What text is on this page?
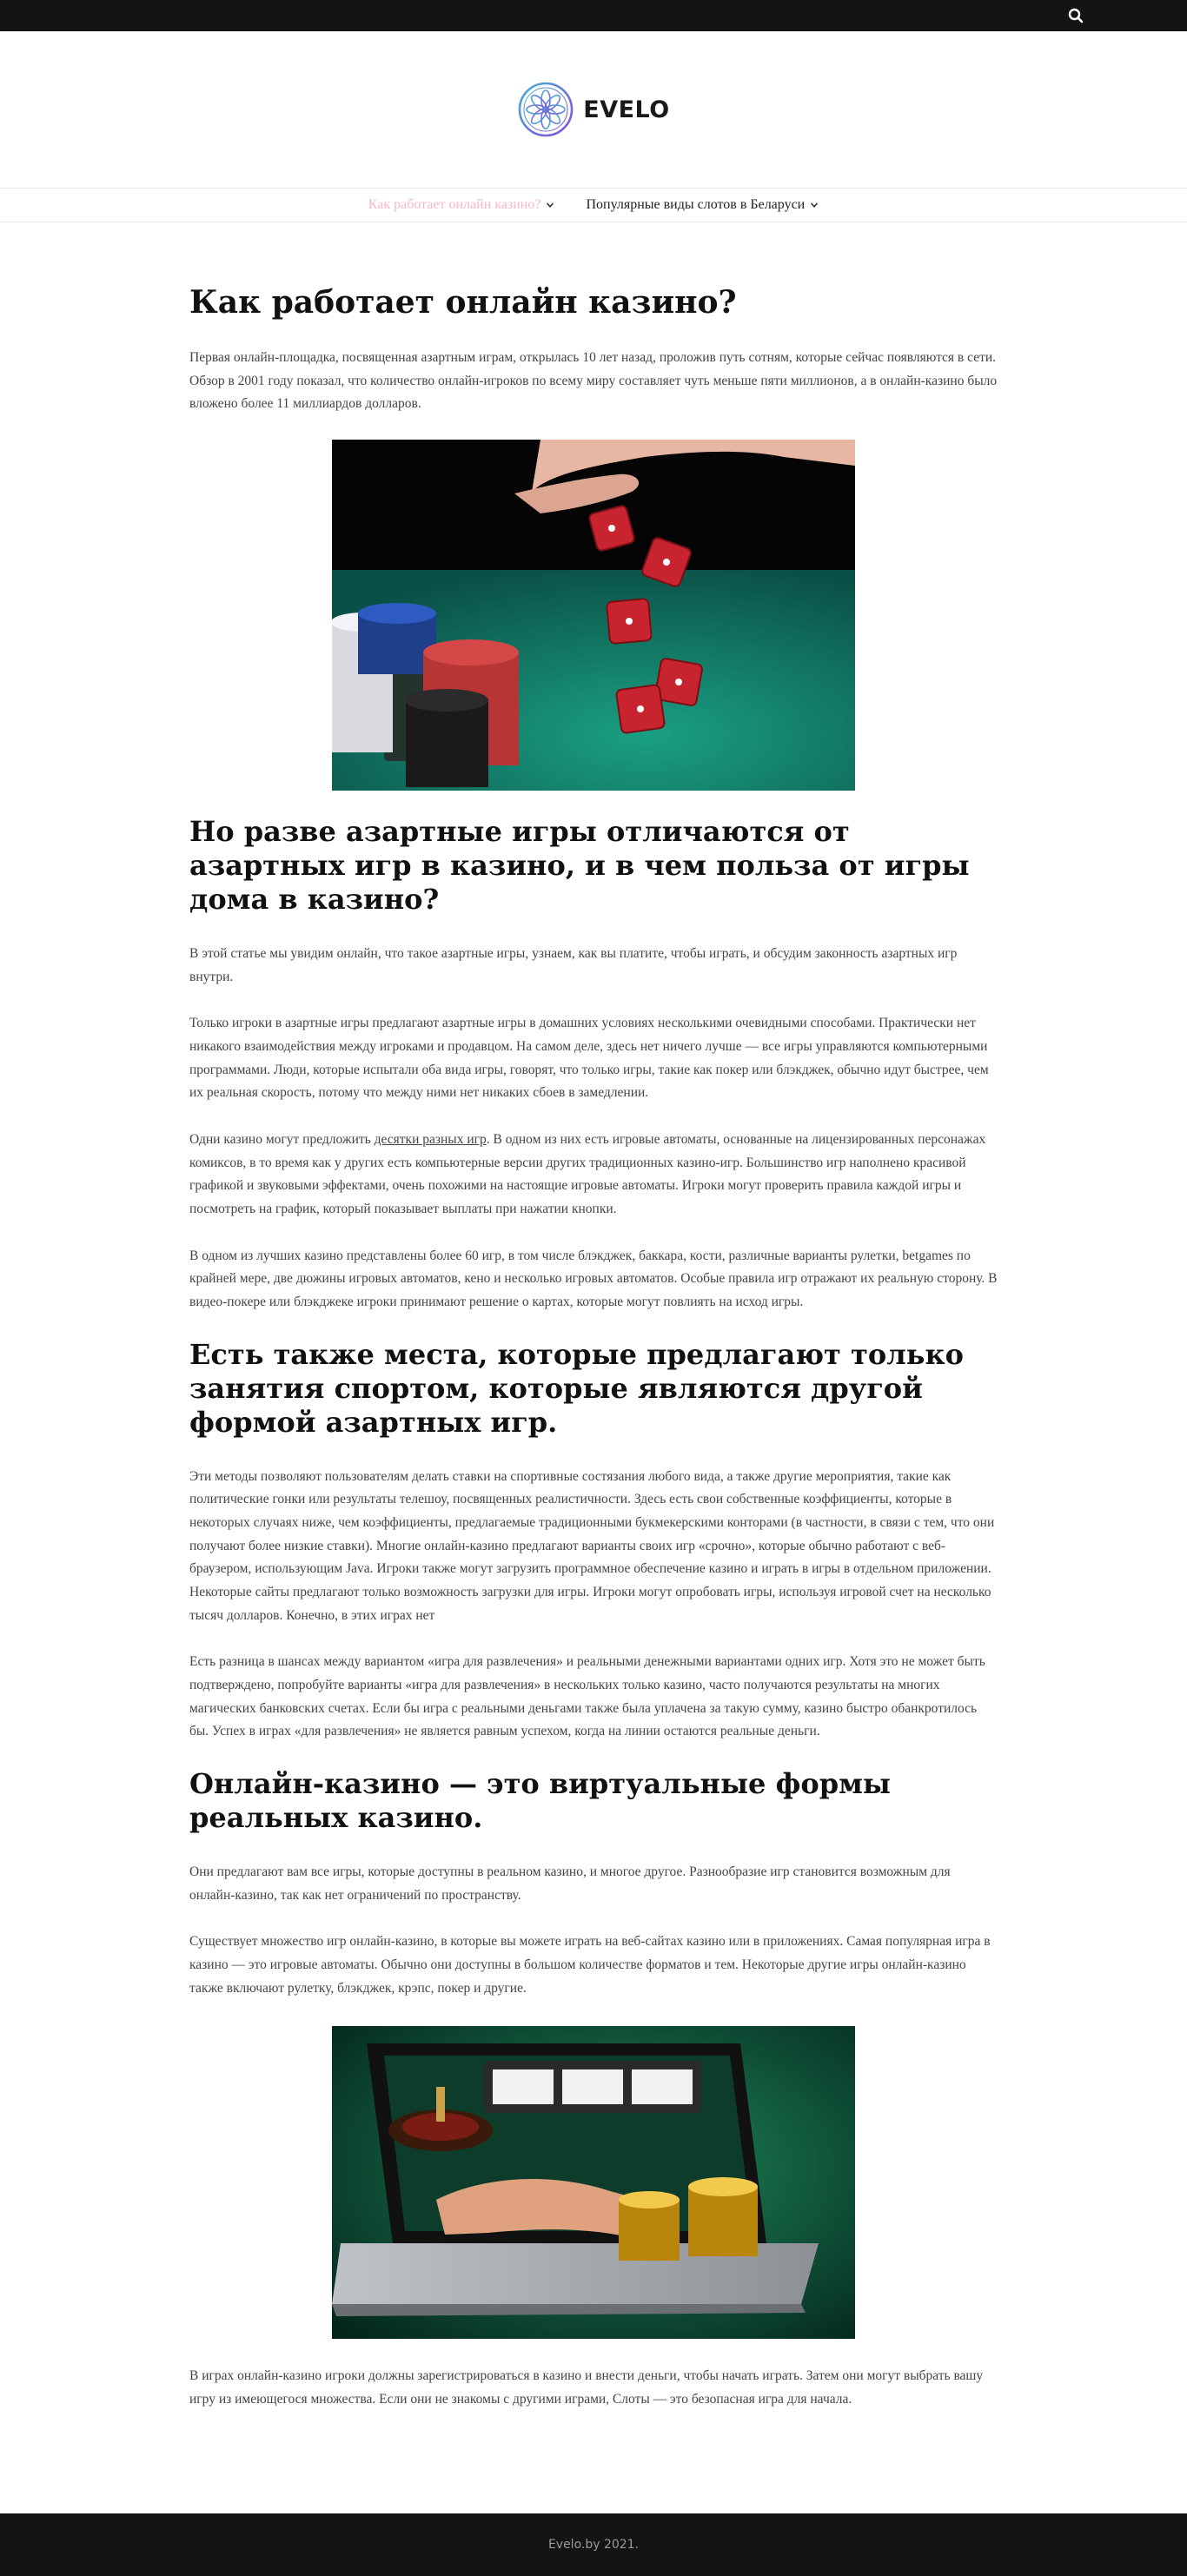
EVELO
Как работает онлайн казино?	Популярные виды слотов в Беларуси
Как работает онлайн казино?

Первая онлайн-площадка, посвященная азартным играм, открылась 10 лет назад, проложив путь сотням, которые сейчас появляются в сети. Обзор в 2001 году показал, что количество онлайн-игроков по всему миру составляет чуть меньше пяти миллионов, а в онлайн-казино было вложено более 11 миллиардов долларов.

Но разве азартные игры отличаются от азартных игр в казино, и в чем польза от игры дома в казино?

В этой статье мы увидим онлайн, что такое азартные игры, узнаем, как вы платите, чтобы играть, и обсудим законность азартных игр внутри.

Только игроки в азартные игры предлагают азартные игры в домашних условиях несколькими очевидными способами. Практически нет никакого взаимодействия между игроками и продавцом. На самом деле, здесь нет ничего лучше — все игры управляются компьютерными программами. Люди, которые испытали оба вида игры, говорят, что только игры, такие как покер или блэкджек, обычно идут быстрее, чем их реальная скорость, потому что между ними нет никаких сбоев в замедлении.

Одни казино могут предложить десятки разных игр. В одном из них есть игровые автоматы, основанные на лицензированных персонажах комиксов, в то время как у других есть компьютерные версии других традиционных казино-игр. Большинство игр наполнено красивой графикой и звуковыми эффектами, очень похожими на настоящие игровые автоматы. Игроки могут проверить правила каждой игры и посмотреть на график, который показывает выплаты при нажатии кнопки.

В одном из лучших казино представлены более 60 игр, в том числе блэкджек, баккара, кости, различные варианты рулетки, betgames по крайней мере, две дюжины игровых автоматов, кено и несколько игровых автоматов. Особые правила игр отражают их реальную сторону. В видео-покере или блэкджеке игроки принимают решение о картах, которые могут повлиять на исход игры.

Есть также места, которые предлагают только занятия спортом, которые являются другой формой азартных игр.

Эти методы позволяют пользователям делать ставки на спортивные состязания любого вида, а также другие мероприятия, такие как политические гонки или результаты телешоу, посвященных реалистичности. Здесь есть свои собственные коэффициенты, которые в некоторых случаях ниже, чем коэффициенты, предлагаемые традиционными букмекерскими конторами (в частности, в связи с тем, что они получают более низкие ставки). Многие онлайн-казино предлагают варианты своих игр «срочно», которые обычно работают с веб-браузером, использующим Java. Игроки также могут загрузить программное обеспечение казино и играть в игры в отдельном приложении. Некоторые сайты предлагают только возможность загрузки для игры. Игроки могут опробовать игры, используя игровой счет на несколько тысяч долларов. Конечно, в этих играх нет

Есть разница в шансах между вариантом «игра для развлечения» и реальными денежными вариантами одних игр. Хотя это не может быть подтверждено, попробуйте варианты «игра для развлечения» в нескольких только казино, часто получаются результаты на многих магических банковских счетах. Если бы игра с реальными деньгами также была уплачена за такую сумму, казино быстро обанкротилось бы. Успех в играх «для развлечения» не является равным успехом, когда на линии остаются реальные деньги.

Онлайн-казино — это виртуальные формы реальных казино.

Они предлагают вам все игры, которые доступны в реальном казино, и многое другое. Разнообразие игр становится возможным для онлайн-казино, так как нет ограничений по пространству.

Существует множество игр онлайн-казино, в которые вы можете играть на веб-сайтах казино или в приложениях. Самая популярная игра в казино — это игровые автоматы. Обычно они доступны в большом количестве форматов и тем. Некоторые другие игры онлайн-казино также включают рулетку, блэкджек, крэпс, покер и другие.

В играх онлайн-казино игроки должны зарегистрироваться в казино и внести деньги, чтобы начать играть. Затем они могут выбрать вашу игру из имеющегося множества. Если они не знакомы с другими играми, Слоты — это безопасная игра для начала.

Evelo.by 2021.
